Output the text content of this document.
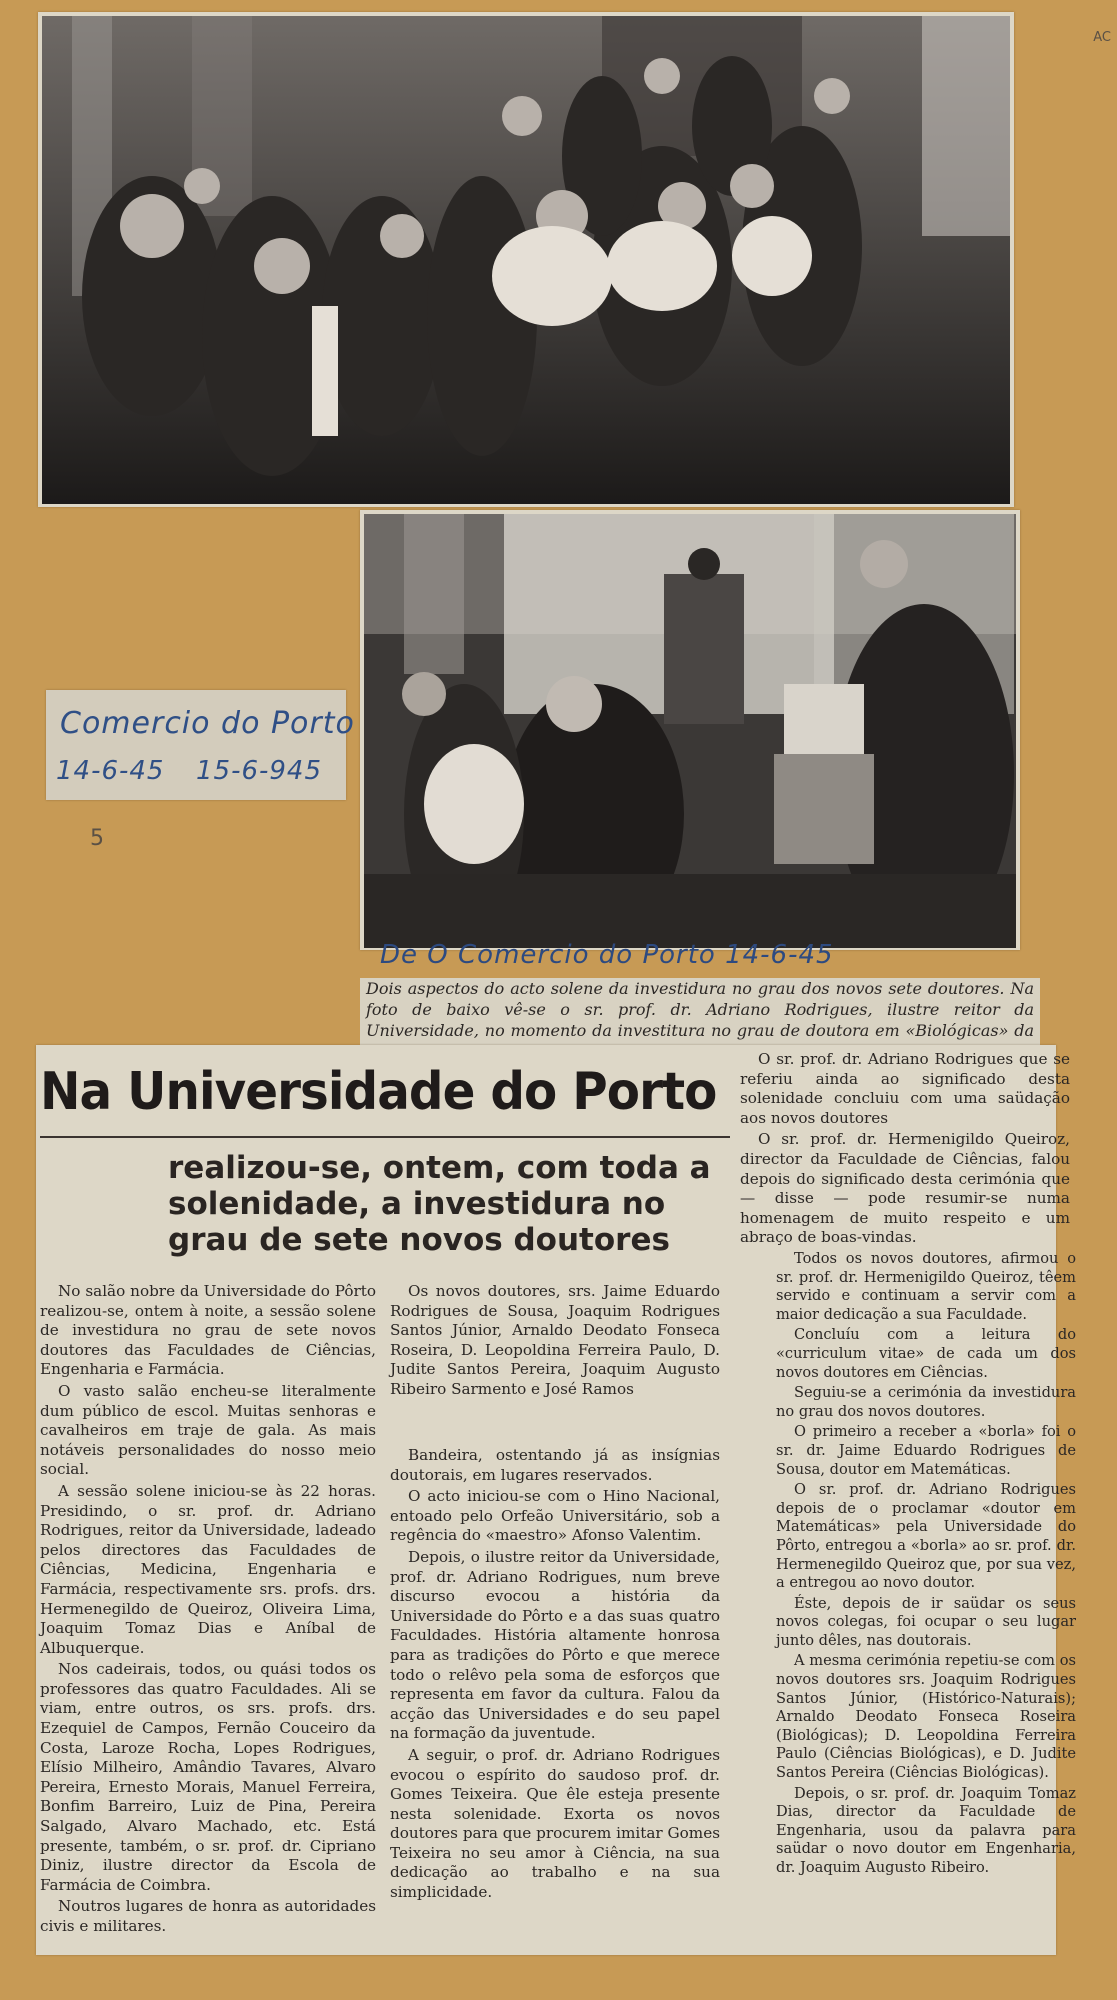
AC
Comercio do Porto
14-6-45 15-6-945
5
De O Comercio do Porto 14-6-45

Dois aspectos do acto solene da investidura no grau dos novos sete doutores. Na foto de baixo vê-se o sr. prof. dr. Adriano Rodrigues, ilustre reitor da Universidade, no momento da investitura no grau de doutora em «Biológicas» da

Na Universidade do Porto
realizou-se, ontem, com toda a solenidade, a investidura no grau de sete novos doutores

No salão nobre da Universidade do Pôrto realizou-se, ontem à noite, a sessão solene de investidura no grau de sete novos doutores das Faculdades de Ciências, Engenharia e Farmácia.

O vasto salão encheu-se literalmente dum público de escol. Muitas senhoras e cavalheiros em traje de gala. As mais notáveis personalidades do nosso meio social.

A sessão solene iniciou-se às 22 horas. Presidindo, o sr. prof. dr. Adriano Rodrigues, reitor da Universidade, ladeado pelos directores das Faculdades de Ciências, Medicina, Engenharia e Farmácia, respectivamente srs. profs. drs. Hermenegildo de Queiroz, Oliveira Lima, Joaquim Tomaz Dias e Aníbal de Albuquerque.

Nos cadeirais, todos, ou quási todos os professores das quatro Faculdades. Ali se viam, entre outros, os srs. profs. drs. Ezequiel de Campos, Fernão Couceiro da Costa, Laroze Rocha, Lopes Rodrigues, Elísio Milheiro, Amândio Tavares, Alvaro Pereira, Ernesto Morais, Manuel Ferreira, Bonfim Barreiro, Luiz de Pina, Pereira Salgado, Alvaro Machado, etc. Está presente, também, o sr. prof. dr. Cipriano Diniz, ilustre director da Escola de Farmácia de Coimbra.

Noutros lugares de honra as autoridades civis e militares.

Os novos doutores, srs. Jaime Eduardo Rodrigues de Sousa, Joaquim Rodrigues Santos Júnior, Arnaldo Deodato Fonseca Roseira, D. Leopoldina Ferreira Paulo, D. Judite Santos Pereira, Joaquim Augusto Ribeiro Sarmento e José Ramos

Bandeira, ostentando já as insígnias doutorais, em lugares reservados.

O acto iniciou-se com o Hino Nacional, entoado pelo Orfeão Universitário, sob a regência do «maestro» Afonso Valentim.

Depois, o ilustre reitor da Universidade, prof. dr. Adriano Rodrigues, num breve discurso evocou a história da Universidade do Pôrto e a das suas quatro Faculdades. História altamente honrosa para as tradições do Pôrto e que merece todo o relêvo pela soma de esforços que representa em favor da cultura. Falou da acção das Universidades e do seu papel na formação da juventude.

A seguir, o prof. dr. Adriano Rodrigues evocou o espírito do saudoso prof. dr. Gomes Teixeira. Que êle esteja presente nesta solenidade. Exorta os novos doutores para que procurem imitar Gomes Teixeira no seu amor à Ciência, na sua dedicação ao trabalho e na sua simplicidade.

O sr. prof. dr. Adriano Rodrigues que se referiu ainda ao significado desta solenidade concluiu com uma saüdação aos novos doutores

O sr. prof. dr. Hermenigildo Queiroz, director da Faculdade de Ciências, falou depois do significado desta cerimónia que — disse — pode resumir-se numa homenagem de muito respeito e um abraço de boas-vindas.

Todos os novos doutores, afirmou o sr. prof. dr. Hermenigildo Queiroz, têem servido e continuam a servir com a maior dedicação a sua Faculdade.

Concluíu com a leitura do «curriculum vitae» de cada um dos novos doutores em Ciências.

Seguiu-se a cerimónia da investidura no grau dos novos doutores.

O primeiro a receber a «borla» foi o sr. dr. Jaime Eduardo Rodrigues de Sousa, doutor em Matemáticas.

O sr. prof. dr. Adriano Rodrigues depois de o proclamar «doutor em Matemáticas» pela Universidade do Pôrto, entregou a «borla» ao sr. prof. dr. Hermenegildo Queiroz que, por sua vez, a entregou ao novo doutor.

Éste, depois de ir saüdar os seus novos colegas, foi ocupar o seu lugar junto dêles, nas doutorais.

A mesma cerimónia repetiu-se com os novos doutores srs. Joaquim Rodrigues Santos Júnior, (Histórico-Naturais); Arnaldo Deodato Fonseca Roseira (Biológicas); D. Leopoldina Ferreira Paulo (Ciências Biológicas), e D. Judite Santos Pereira (Ciências Biológicas).

Depois, o sr. prof. dr. Joaquim Tomaz Dias, director da Faculdade de Engenharia, usou da palavra para saüdar o novo doutor em Engenharia, dr. Joaquim Augusto Ribeiro.
